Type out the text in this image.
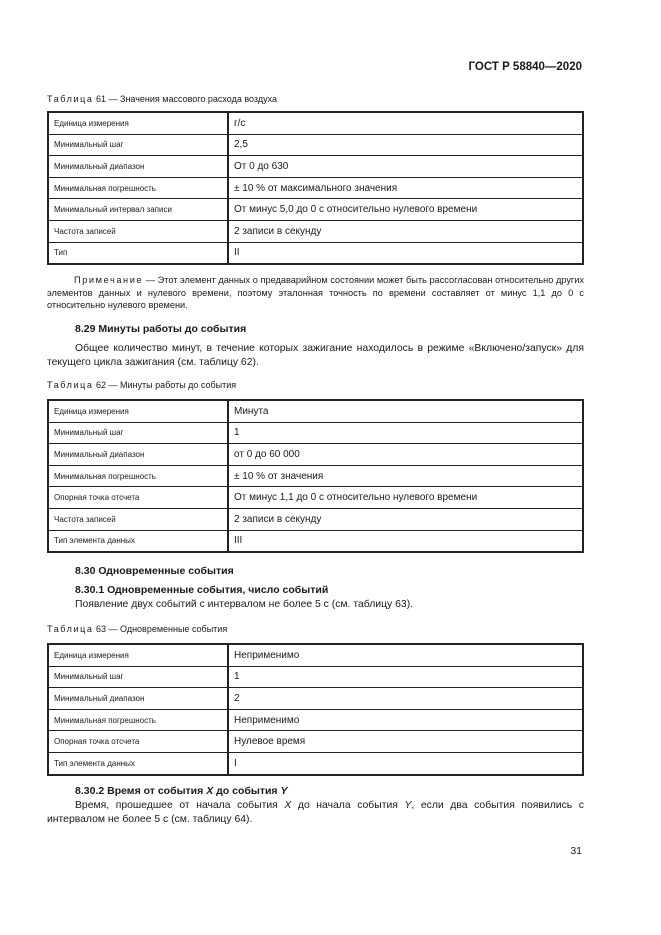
ГОСТ Р 58840—2020
Таблица 61 — Значения массового расхода воздуха
Единица измерения	г/с
Минимальный шаг	2,5
Минимальный диапазон	От 0 до 630
Минимальная погрешность	± 10 % от максимального значения
Минимальный интервал записи	От минус 5,0 до 0 с относительно нулевого времени
Частота записей	2 записи в секунду
Тип	II
Примечание — Этот элемент данных о предаварийном состоянии может быть рассогласован относительно других элементов данных и нулевого времени, поэтому эталонная точность по времени составляет от минус 1,1 до 0 с относительно нулевого времени.
8.29 Минуты работы до события
Общее количество минут, в течение которых зажигание находилось в режиме «Включено/запуск» для текущего цикла зажигания (см. таблицу 62).
Таблица 62 — Минуты работы до события
Единица измерения	Минута
Минимальный шаг	1
Минимальный диапазон	от 0 до 60 000
Минимальная погрешность	± 10 % от значения
Опорная точка отсчета	От минус 1,1 до 0 с относительно нулевого времени
Частота записей	2 записи в секунду
Тип элемента данных	III
8.30 Одновременные события
8.30.1 Одновременные события, число событий
Появление двух событий с интервалом не более 5 с (см. таблицу 63).
Таблица 63 — Одновременные события
Единица измерения	Неприменимо
Минимальный шаг	1
Минимальный диапазон	2
Минимальная погрешность	Неприменимо
Опорная точка отсчета	Нулевое время
Тип элемента данных	I
8.30.2 Время от события X до события Y
Время, прошедшее от начала события X до начала события Y, если два события появились с интервалом не более 5 с (см. таблицу 64).
31
